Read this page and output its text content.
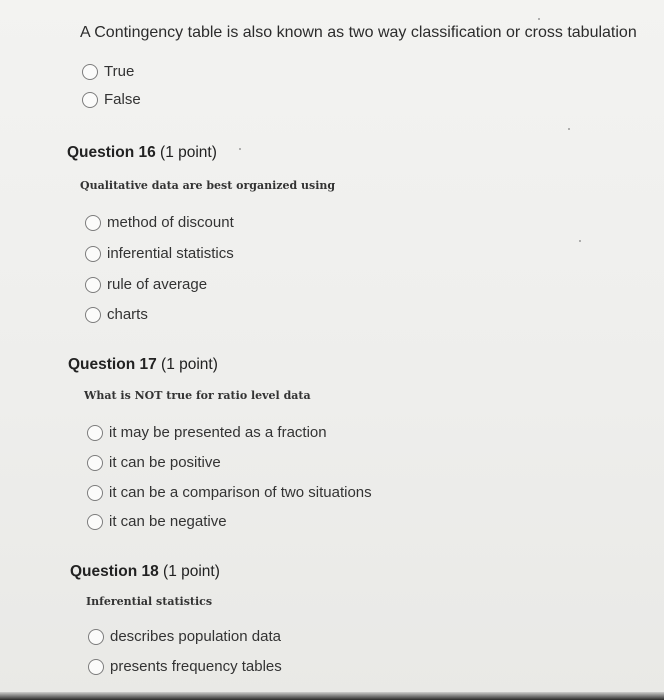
A Contingency table is also known as two way classification or cross tabulation
True
False
Question 16 (1 point)
Qualitative data are best organized using
method of discount
inferential statistics
rule of average
charts
Question 17 (1 point)
What is NOT true for ratio level data
it may be presented as a fraction
it can be positive
it can be a comparison of two situations
it can be negative
Question 18 (1 point)
Inferential statistics
describes population data
presents frequency tables
